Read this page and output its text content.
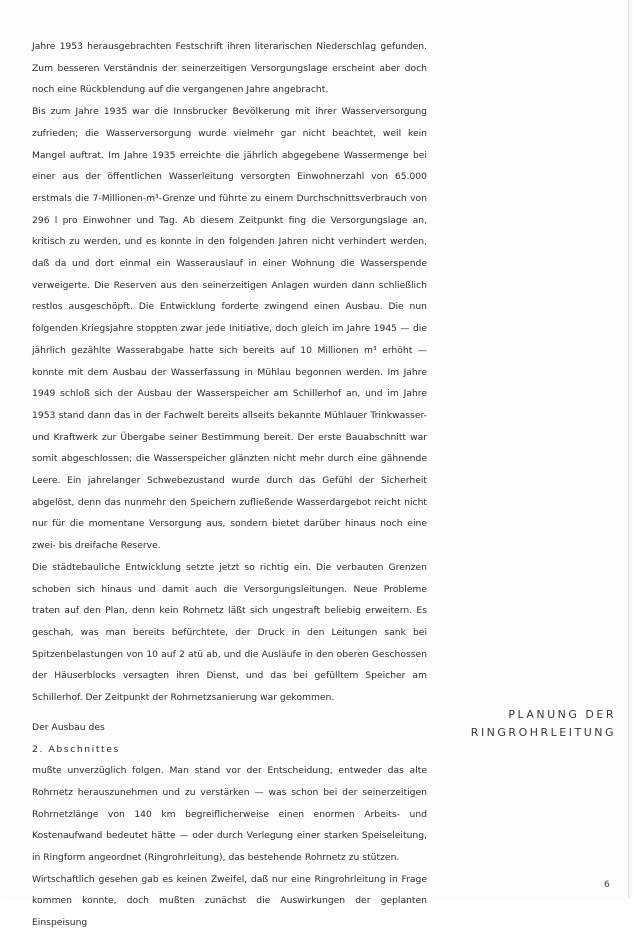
Jahre 1953 herausgebrachten Festschrift ihren literarischen Niederschlag gefunden. Zum besseren Verständnis der seinerzeitigen Versorgungslage erscheint aber doch noch eine Rückblendung auf die vergangenen Jahre angebracht.

Bis zum Jahre 1935 war die Innsbrucker Bevölkerung mit ihrer Wasserversorgung zufrieden; die Wasserversorgung wurde vielmehr gar nicht beachtet, weil kein Mangel auftrat. Im Jahre 1935 erreichte die jährlich abgegebene Wassermenge bei einer aus der öffentlichen Wasserleitung versorgten Einwohnerzahl von 65.000 erstmals die 7-Millionen-m³-Grenze und führte zu einem Durchschnittsverbrauch von 296 l pro Einwohner und Tag. Ab diesem Zeitpunkt fing die Versorgungslage an, kritisch zu werden, und es konnte in den folgenden Jahren nicht verhindert werden, daß da und dort einmal ein Wasserauslauf in einer Wohnung die Wasserspende verweigerte. Die Reserven aus den seinerzeitigen Anlagen wurden dann schließlich restlos ausgeschöpft. Die Entwicklung forderte zwingend einen Ausbau. Die nun folgenden Kriegsjahre stoppten zwar jede Initiative, doch gleich im Jahre 1945 — die jährlich gezählte Wasserabgabe hatte sich bereits auf 10 Millionen m³ erhöht — konnte mit dem Ausbau der Wasserfassung in Mühlau begonnen werden. Im Jahre 1949 schloß sich der Ausbau der Wasserspeicher am Schillerhof an, und im Jahre 1953 stand dann das in der Fachwelt bereits allseits bekannte Mühlauer Trinkwasser- und Kraftwerk zur Übergabe seiner Bestimmung bereit. Der erste Bauabschnitt war somit abgeschlossen; die Wasserspeicher glänzten nicht mehr durch eine gähnende Leere. Ein jahrelanger Schwebezustand wurde durch das Gefühl der Sicherheit abgelöst, denn das nunmehr den Speichern zufließende Wasserdargebot reicht nicht nur für die momentane Versorgung aus, sondern bietet darüber hinaus noch eine zwei- bis dreifache Reserve.

Die städtebauliche Entwicklung setzte jetzt so richtig ein. Die verbauten Grenzen schoben sich hinaus und damit auch die Versorgungsleitungen. Neue Probleme traten auf den Plan, denn kein Rohrnetz läßt sich ungestraft beliebig erweitern. Es geschah, was man bereits befürchtete, der Druck in den Leitungen sank bei Spitzenbelastungen von 10 auf 2 atü ab, und die Ausläufe in den oberen Geschossen der Häuserblocks versagten ihren Dienst, und das bei gefülltem Speicher am Schillerhof. Der Zeitpunkt der Rohrnetzsanierung war gekommen.

Der Ausbau des

2. Abschnittes

mußte unverzüglich folgen. Man stand vor der Entscheidung, entweder das alte Rohrnetz herauszunehmen und zu verstärken — was schon bei der seinerzeitigen Rohrnetzlänge von 140 km begreiflicherweise einen enormen Arbeits- und Kostenaufwand bedeutet hätte — oder durch Verlegung einer starken Speiseleitung, in Ringform angeordnet (Ringrohrleitung), das bestehende Rohrnetz zu stützen.

Wirtschaftlich gesehen gab es keinen Zweifel, daß nur eine Ringrohrleitung in Frage kommen konnte, doch mußten zunächst die Auswirkungen der geplanten Einspeisung

PLANUNG DER
RINGROHRLEITUNG
6
